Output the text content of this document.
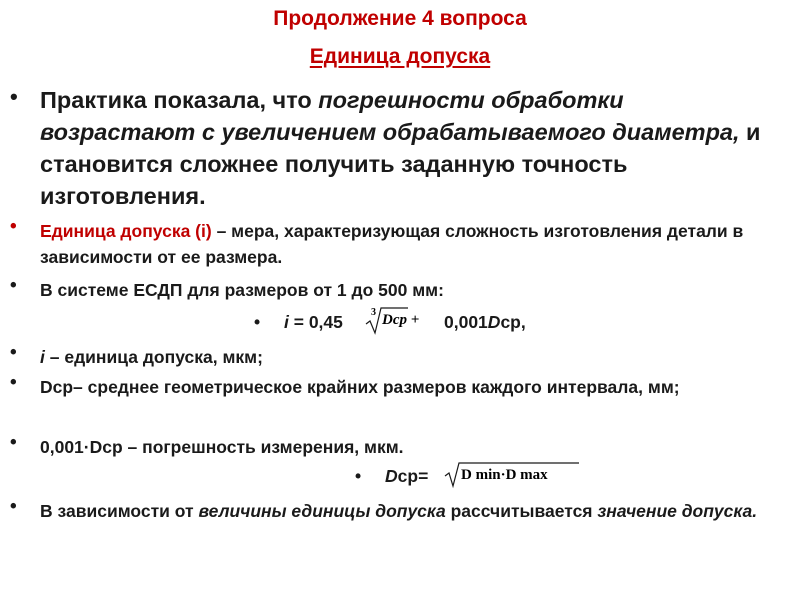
Продолжение 4 вопроса
Единица допуска
• Практика показала, что погрешности обработки возрастают с увеличением обрабатываемого диаметра, и становится сложнее получить заданную точность изготовления.
• Единица допуска (i) – мера, характеризующая сложность изготовления детали в зависимости от ее размера.
• В системе ЕСДП для размеров от 1 до 500 мм:
• i = 0,45	3 Dcp + 0,001Dср,
• i – единица допуска, мкм;
• Dср– среднее геометрическое крайних размеров каждого интервала, мм;
• 0,001·Dср – погрешность измерения, мкм.
• Dср= D min·D max
• В зависимости от величины единицы допуска рассчитывается значение допуска.
